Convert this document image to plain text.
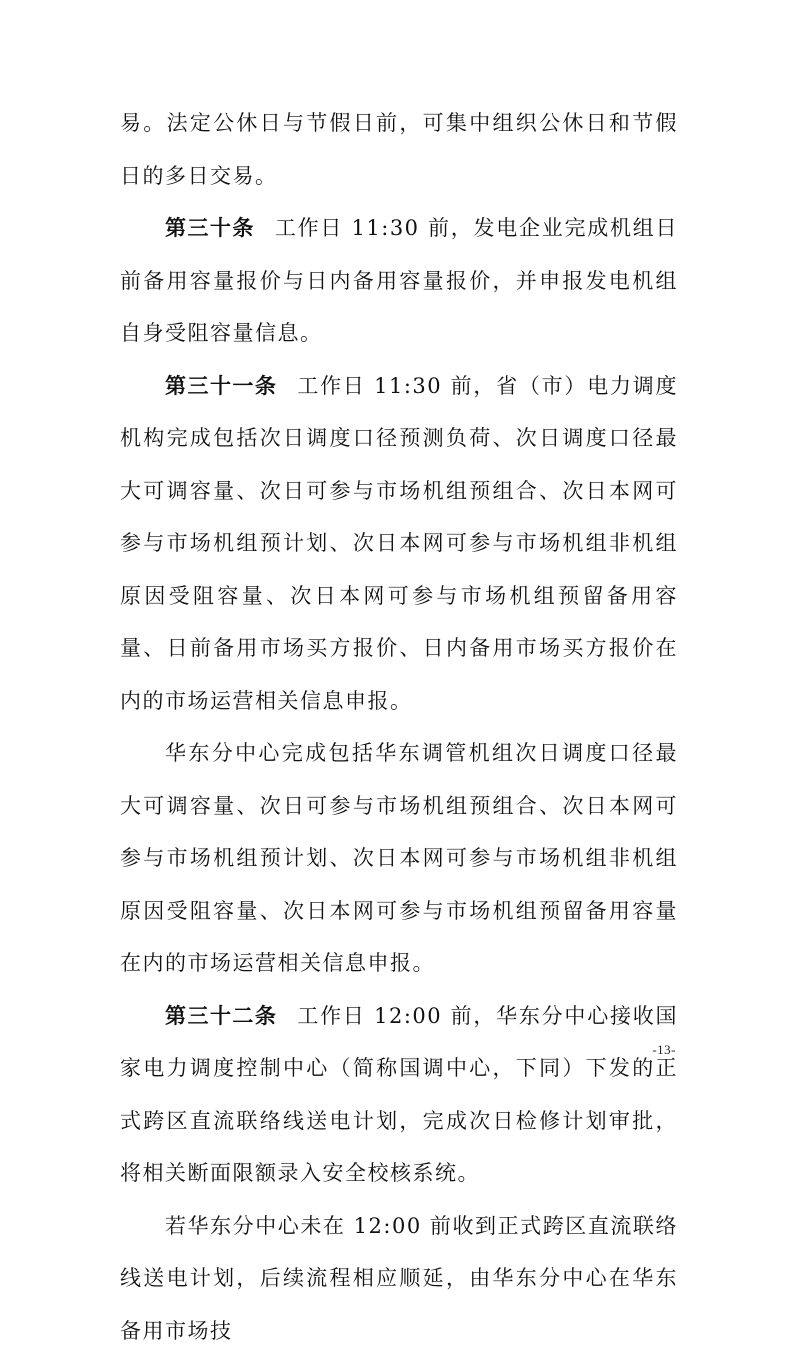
易。法定公休日与节假日前，可集中组织公休日和节假日的多日交易。

第三十条 工作日 11:30 前，发电企业完成机组日前备用容量报价与日内备用容量报价，并申报发电机组自身受阻容量信息。

第三十一条 工作日 11:30 前，省（市）电力调度机构完成包括次日调度口径预测负荷、次日调度口径最大可调容量、次日可参与市场机组预组合、次日本网可参与市场机组预计划、次日本网可参与市场机组非机组原因受阻容量、次日本网可参与市场机组预留备用容量、日前备用市场买方报价、日内备用市场买方报价在内的市场运营相关信息申报。

华东分中心完成包括华东调管机组次日调度口径最大可调容量、次日可参与市场机组预组合、次日本网可参与市场机组预计划、次日本网可参与市场机组非机组原因受阻容量、次日本网可参与市场机组预留备用容量在内的市场运营相关信息申报。

第三十二条 工作日 12:00 前，华东分中心接收国家电力调度控制中心（简称国调中心，下同）下发的正式跨区直流联络线送电计划，完成次日检修计划审批，将相关断面限额录入安全校核系统。

若华东分中心未在 12:00 前收到正式跨区直流联络线送电计划，后续流程相应顺延，由华东分中心在华东备用市场技

-13-
